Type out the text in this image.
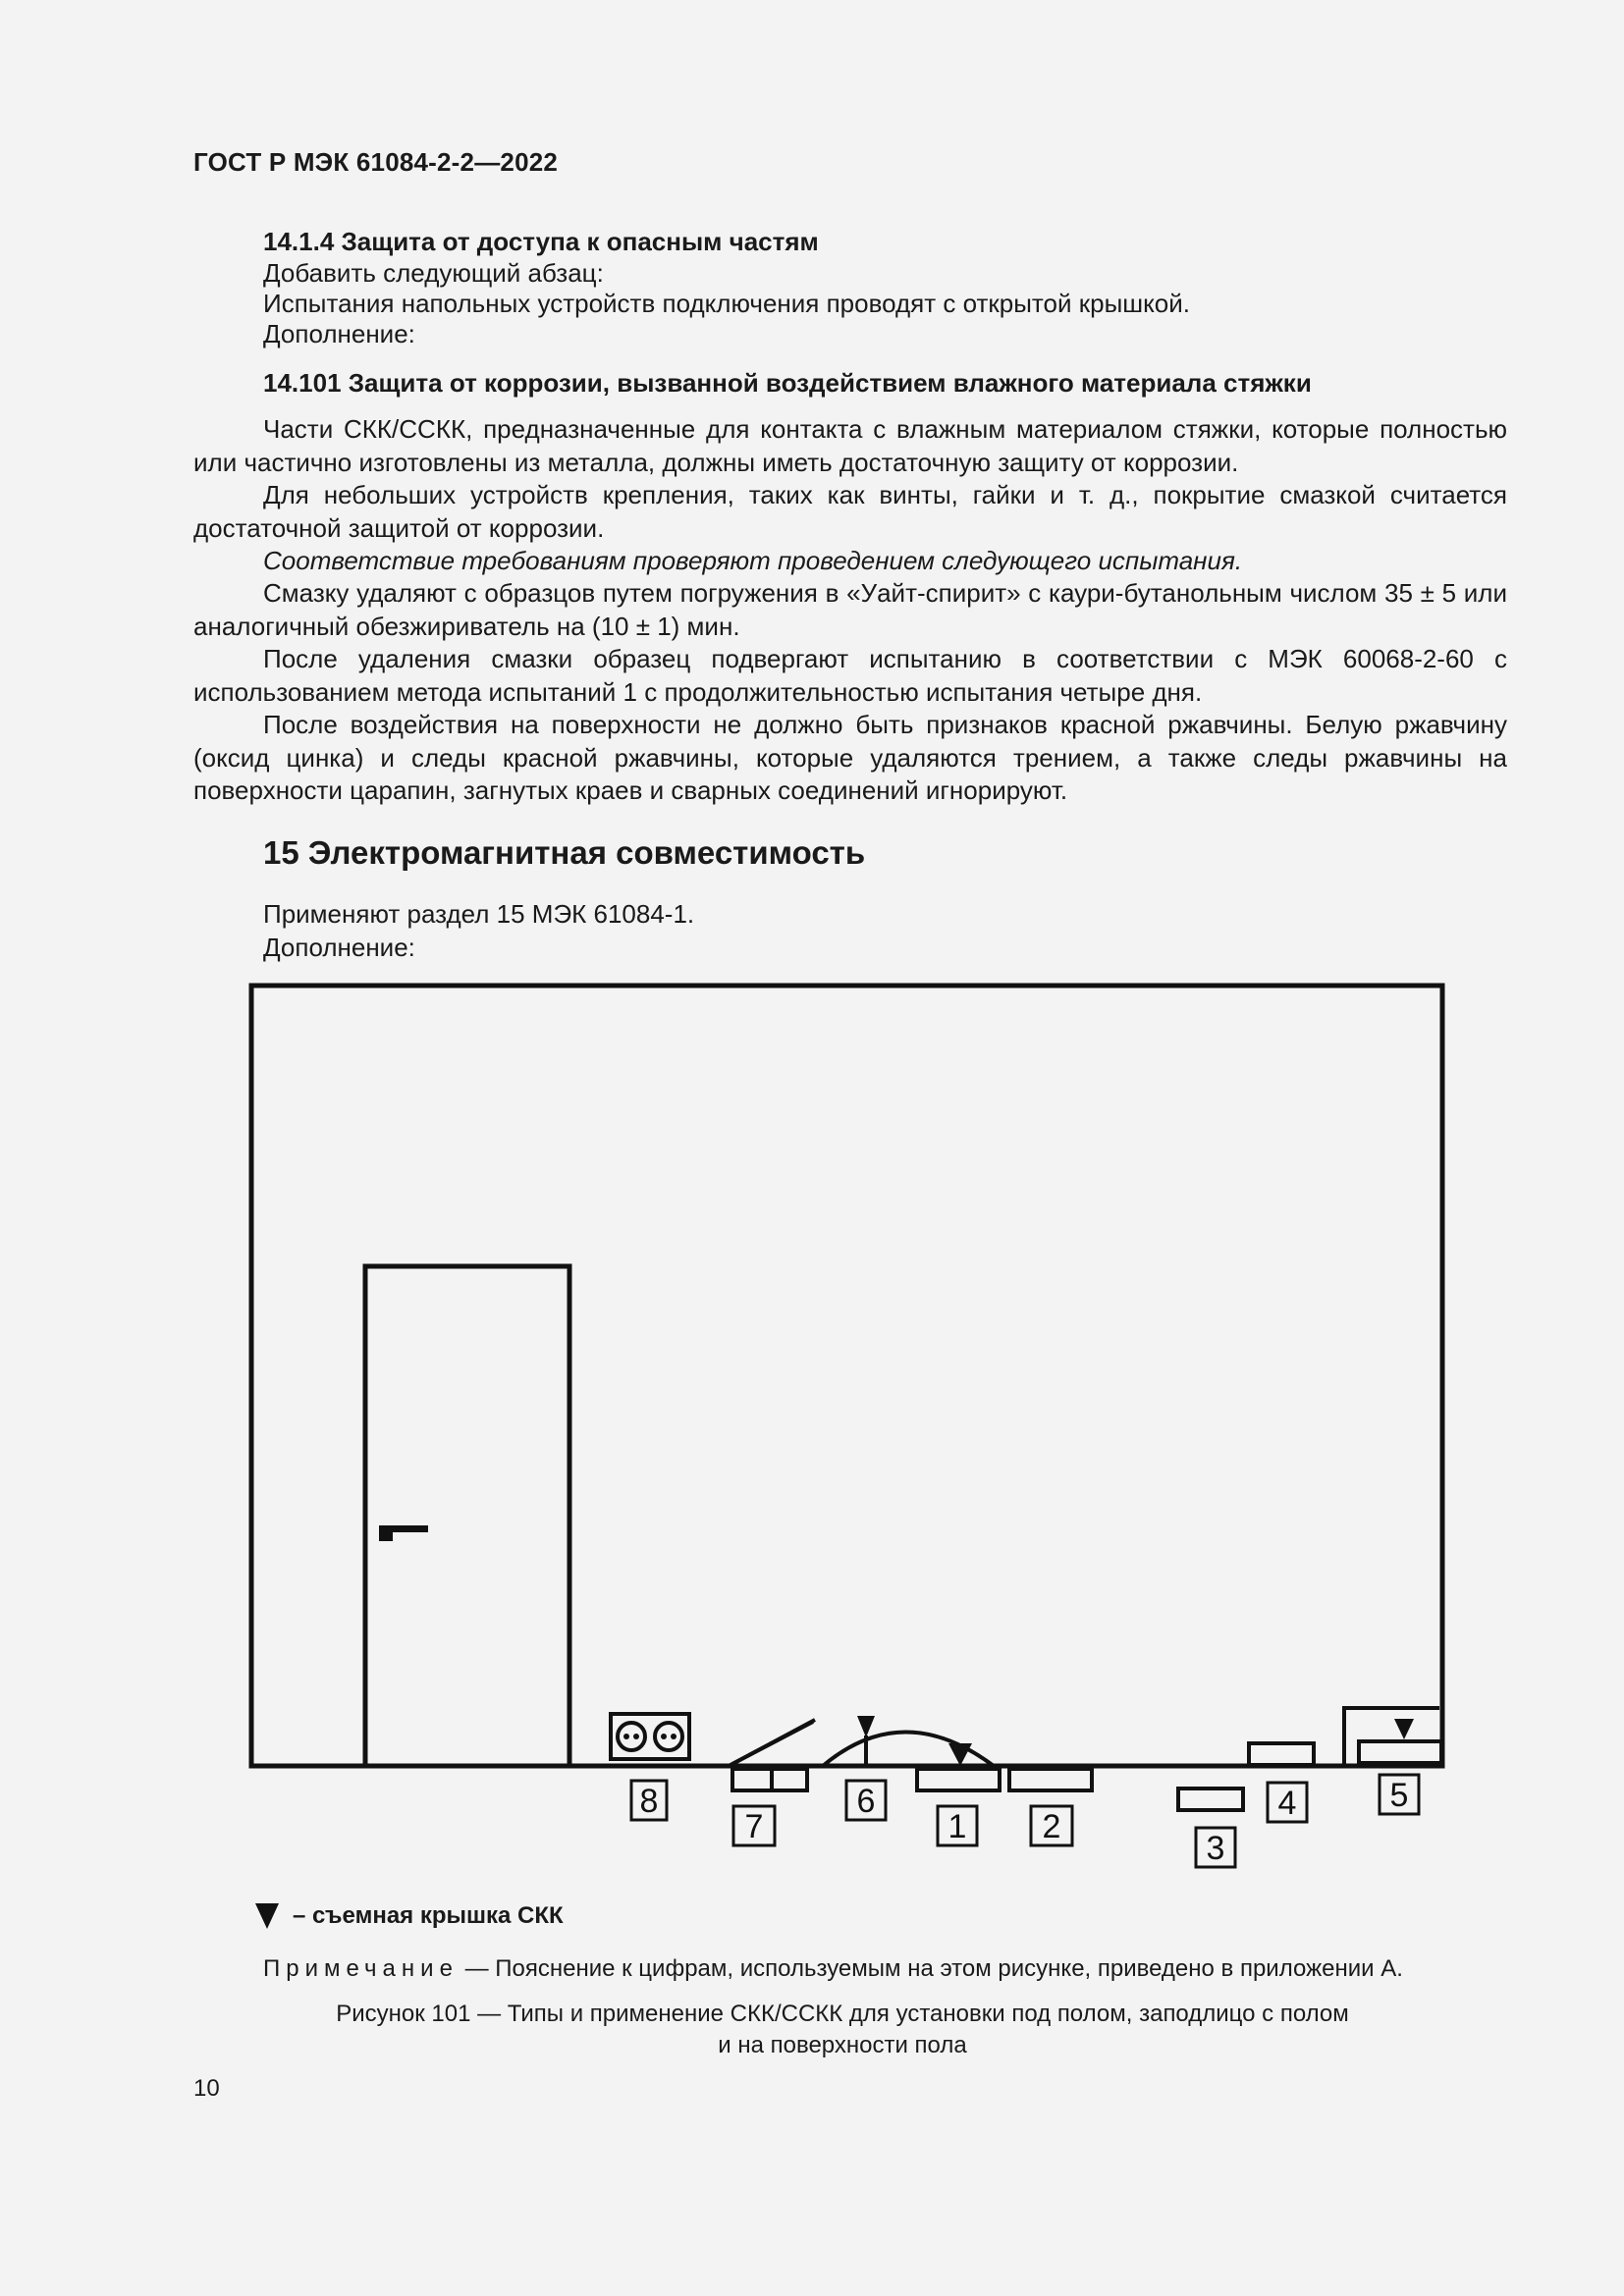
ГОСТ Р МЭК 61084-2-2—2022
14.1.4 Защита от доступа к опасным частям
Добавить следующий абзац:
Испытания напольных устройств подключения проводят с открытой крышкой.
Дополнение:
14.101 Защита от коррозии, вызванной воздействием влажного материала стяжки
Части СКК/ССКК, предназначенные для контакта с влажным материалом стяжки, которые полностью или частично изготовлены из металла, должны иметь достаточную защиту от коррозии.
Для небольших устройств крепления, таких как винты, гайки и т. д., покрытие смазкой считается достаточной защитой от коррозии.
Соответствие требованиям проверяют проведением следующего испытания.
Смазку удаляют с образцов путем погружения в «Уайт-спирит» с каури-бутанольным числом 35 ± 5 или аналогичный обезжириватель на (10 ± 1) мин.
После удаления смазки образец подвергают испытанию в соответствии с МЭК 60068-2-60 с использованием метода испытаний 1 с продолжительностью испытания четыре дня.
После воздействия на поверхности не должно быть признаков красной ржавчины. Белую ржавчину (оксид цинка) и следы красной ржавчины, которые удаляются трением, а также следы ржавчины на поверхности царапин, загнутых краев и сварных соединений игнорируют.
15 Электромагнитная совместимость
Применяют раздел 15 МЭК 61084-1.
Дополнение:
8
7
6
1 2
3
4	5
– съемная крышка СКК
Примечание — Пояснение к цифрам, используемым на этом рисунке, приведено в приложении А.
Рисунок 101 — Типы и применение СКК/ССКК для установки под полом, заподлицо с полом
и на поверхности пола
10
